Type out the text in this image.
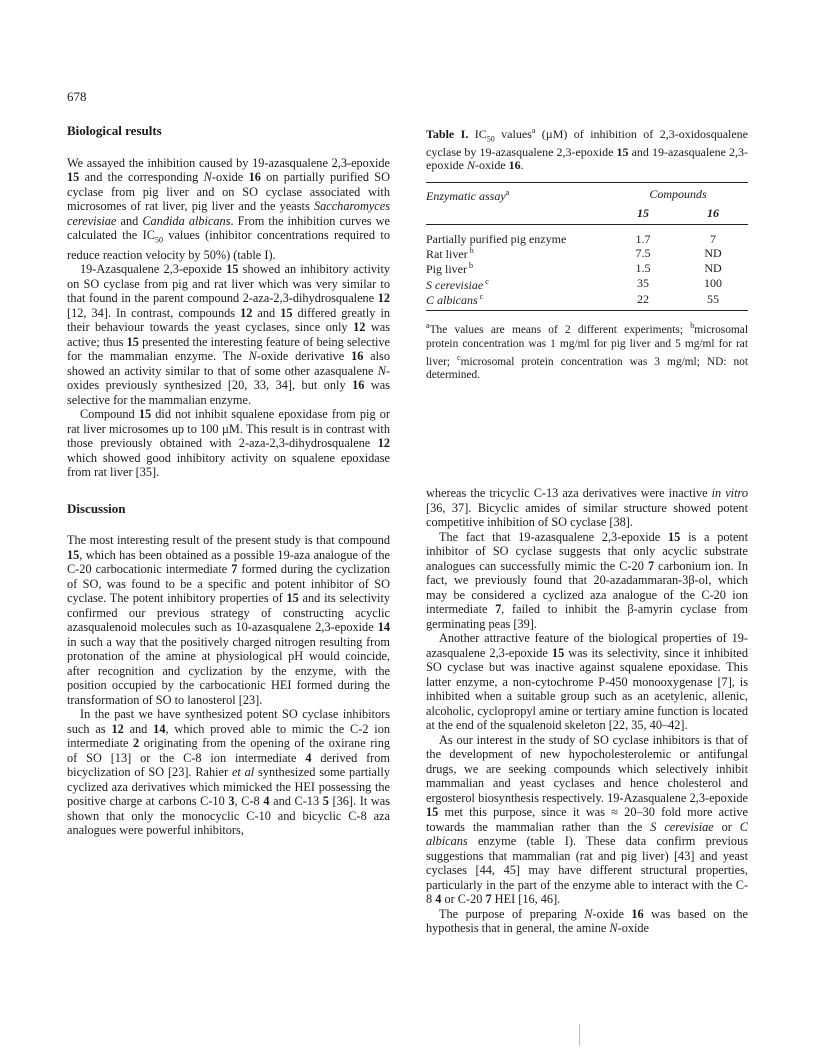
678
Biological results

We assayed the inhibition caused by 19-azasqualene 2,3-epoxide 15 and the corresponding N-oxide 16 on partially purified SO cyclase from pig liver and on SO cyclase associated with microsomes of rat liver, pig liver and the yeasts Saccharomyces cerevisiae and Candida albicans. From the inhibition curves we calculated the $IC_{50}$ values (inhibitor concentrations required to reduce reaction velocity by 50%) (table I).

19-Azasqualene 2,3-epoxide 15 showed an inhibitory activity on SO cyclase from pig and rat liver which was very similar to that found in the parent compound 2-aza-2,3-dihydrosqualene 12 [12, 34]. In contrast, compounds 12 and 15 differed greatly in their behaviour towards the yeast cyclases, since only 12 was active; thus 15 presented the interesting feature of being selective for the mammalian enzyme. The N-oxide derivative 16 also showed an activity similar to that of some other azasqualene N-oxides previously synthesized [20, 33, 34], but only 16 was selective for the mammalian enzyme.

Compound 15 did not inhibit squalene epoxidase from pig or rat liver microsomes up to 100 µM. This result is in contrast with those previously obtained with 2-aza-2,3-dihydrosqualene 12 which showed good inhibitory activity on squalene epoxidase from rat liver [35].

Discussion

The most interesting result of the present study is that compound 15, which has been obtained as a possible 19-aza analogue of the C-20 carbocationic intermediate 7 formed during the cyclization of SO, was found to be a specific and potent inhibitor of SO cyclase. The potent inhibitory properties of 15 and its selectivity confirmed our previous strategy of constructing acyclic azasqualenoid molecules such as 10-azasqualene 2,3-epoxide 14 in such a way that the positively charged nitrogen resulting from protonation of the amine at physiological pH would coincide, after recognition and cyclization by the enzyme, with the position occupied by the carbocationic HEI formed during the transformation of SO to lanosterol [23].

In the past we have synthesized potent SO cyclase inhibitors such as 12 and 14, which proved able to mimic the C-2 ion intermediate 2 originating from the opening of the oxirane ring of SO [13] or the C-8 ion intermediate 4 derived from bicyclization of SO [23]. Rahier et al synthesized some partially cyclized aza derivatives which mimicked the HEI possessing the positive charge at carbons C-10 3, C-8 4 and C-13 5 [36]. It was shown that only the monocyclic C-10 and bicyclic C-8 aza analogues were powerful inhibitors,

Table I. $IC_{50}$ values$^a$ (µM) of inhibition of 2,3-oxidosqualene cyclase by 19-azasqualene 2,3-epoxide 15 and 19-azasqualene 2,3-epoxide N-oxide 16.
Enzymatic assay$^a$	Compounds	
	15	16
Partially purified pig enzyme	1.7	7
Rat liver $^b$	7.5	ND
Pig liver $^b$	1.5	ND
S cerevisiae $^c$	35	100
C albicans $^c$	22	55
$^a$The values are means of 2 different experiments; $^b$microsomal protein concentration was 1 mg/ml for pig liver and 5 mg/ml for rat liver; $^c$microsomal protein concentration was 3 mg/ml; ND: not determined.

whereas the tricyclic C-13 aza derivatives were inactive in vitro [36, 37]. Bicyclic amides of similar structure showed potent competitive inhibition of SO cyclase [38].

The fact that 19-azasqualene 2,3-epoxide 15 is a potent inhibitor of SO cyclase suggests that only acyclic substrate analogues can successfully mimic the C-20 7 carbonium ion. In fact, we previously found that 20-azadammaran-3β-ol, which may be considered a cyclized aza analogue of the C-20 ion intermediate 7, failed to inhibit the β-amyrin cyclase from germinating peas [39].

Another attractive feature of the biological properties of 19-azasqualene 2,3-epoxide 15 was its selectivity, since it inhibited SO cyclase but was inactive against squalene epoxidase. This latter enzyme, a non-cytochrome P-450 monooxygenase [7], is inhibited when a suitable group such as an acetylenic, allenic, alcoholic, cyclopropyl amine or tertiary amine function is located at the end of the squalenoid skeleton [22, 35, 40–42].

As our interest in the study of SO cyclase inhibitors is that of the development of new hypocholesterolemic or antifungal drugs, we are seeking compounds which selectively inhibit mammalian and yeast cyclases and hence cholesterol and ergosterol biosynthesis respectively. 19-Azasqualene 2,3-epoxide 15 met this purpose, since it was ≈ 20–30 fold more active towards the mammalian rather than the S cerevisiae or C albicans enzyme (table I). These data confirm previous suggestions that mammalian (rat and pig liver) [43] and yeast cyclases [44, 45] may have different structural properties, particularly in the part of the enzyme able to interact with the C-8 4 or C-20 7 HEI [16, 46].

The purpose of preparing N-oxide 16 was based on the hypothesis that in general, the amine N-oxide
